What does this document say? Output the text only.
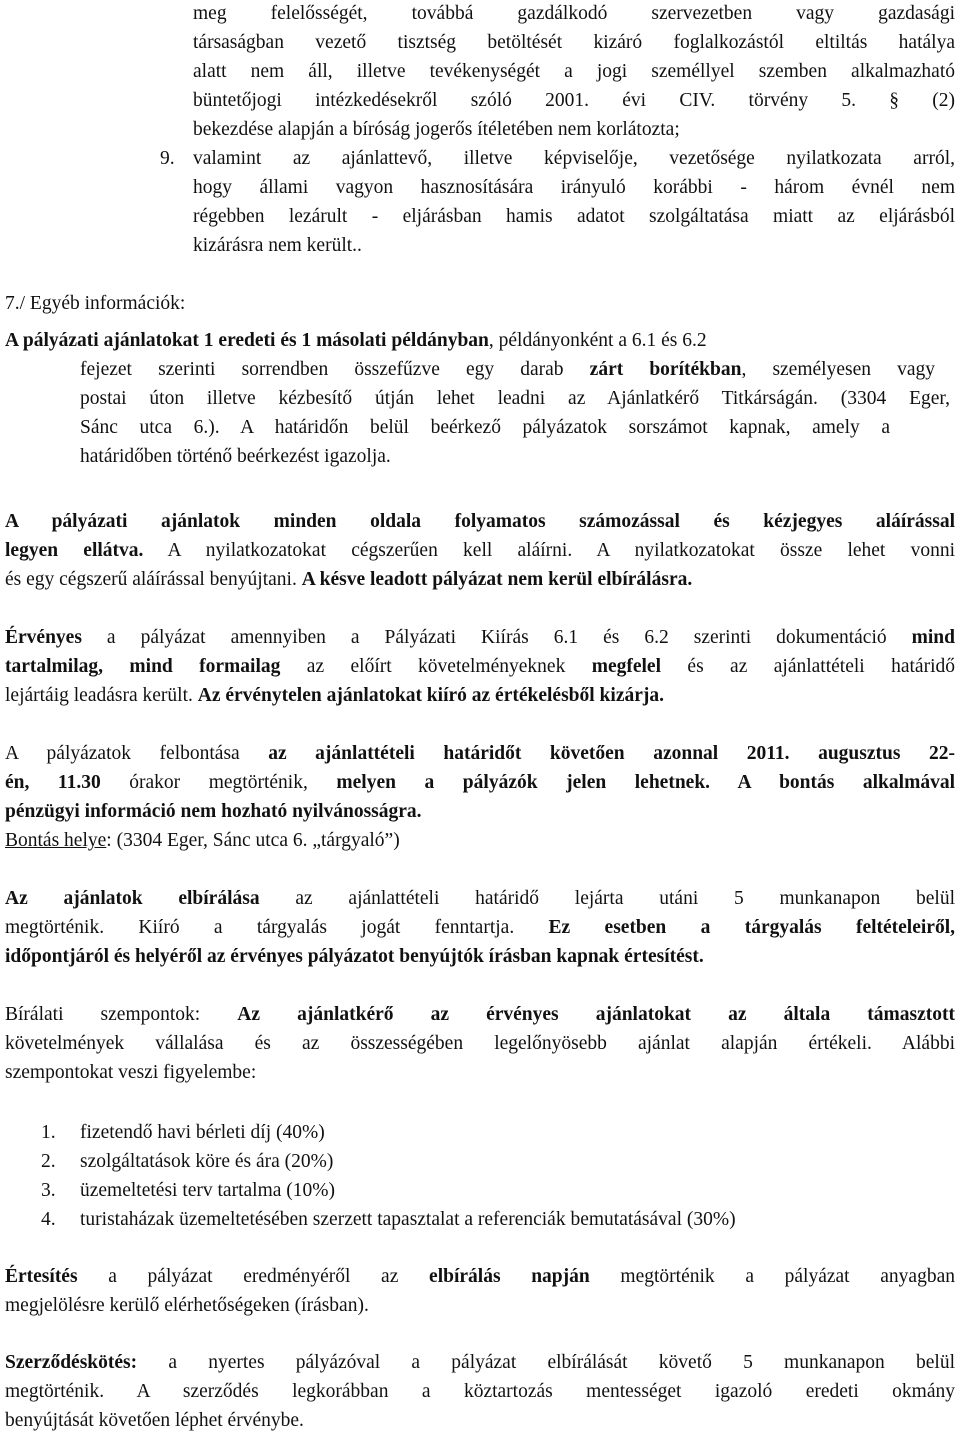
meg felelősségét, továbbá gazdálkodó szervezetben vagy gazdasági

társaságban vezető tisztség betöltését kizáró foglalkozástól eltiltás hatálya

alatt nem áll, illetve tevékenységét a jogi személlyel szemben alkalmazható

büntetőjogi intézkedésekről szóló 2001. évi CIV. törvény 5. § (2)

bekezdése alapján a bíróság jogerős ítéletében nem korlátozta;

9. valamint az ajánlattevő, illetve képviselője, vezetősége nyilatkozata arról,

hogy állami vagyon hasznosítására irányuló korábbi - három évnél nem

régebben lezárult - eljárásban hamis adatot szolgáltatása miatt az eljárásból

kizárásra nem került..

7./ Egyéb információk:

A pályázati ajánlatokat 1 eredeti és 1 másolati példányban, példányonként a 6.1 és 6.2

fejezet szerinti sorrendben összefűzve egy darab zárt borítékban, személyesen vagy

postai úton illetve kézbesítő útján lehet leadni az Ajánlatkérő Titkárságán. (3304 Eger,

Sánc utca 6.). A határidőn belül beérkező pályázatok sorszámot kapnak, amely a

határidőben történő beérkezést igazolja.

A pályázati ajánlatok minden oldala folyamatos számozással és kézjegyes aláírással

legyen ellátva. A nyilatkozatokat cégszerűen kell aláírni. A nyilatkozatokat össze lehet vonni

és egy cégszerű aláírással benyújtani. A késve leadott pályázat nem kerül elbírálásra.

Érvényes a pályázat amennyiben a Pályázati Kiírás 6.1 és 6.2 szerinti dokumentáció mind

tartalmilag, mind formailag az előírt követelményeknek megfelel és az ajánlattételi határidő

lejártáig leadásra került. Az érvénytelen ajánlatokat kiíró az értékelésből kizárja.

A pályázatok felbontása az ajánlattételi határidőt követően azonnal 2011. augusztus 22-

én, 11.30 órakor megtörténik, melyen a pályázók jelen lehetnek. A bontás alkalmával

pénzügyi információ nem hozható nyilvánosságra.

Bontás helye: (3304 Eger, Sánc utca 6. „tárgyaló”)

Az ajánlatok elbírálása az ajánlattételi határidő lejárta utáni 5 munkanapon belül

megtörténik. Kiíró a tárgyalás jogát fenntartja. Ez esetben a tárgyalás feltételeiről,

időpontjáról és helyéről az érvényes pályázatot benyújtók írásban kapnak értesítést.

Bírálati szempontok: Az ajánlatkérő az érvényes ajánlatokat az általa támasztott

követelmények vállalása és az összességében legelőnyösebb ajánlat alapján értékeli. Alábbi

szempontokat veszi figyelembe:

1. fizetendő havi bérleti díj (40%)
2. szolgáltatások köre és ára (20%)
3. üzemeltetési terv tartalma (10%)
4. turistaházak üzemeltetésében szerzett tapasztalat a referenciák bemutatásával (30%)

Értesítés a pályázat eredményéről az elbírálás napján megtörténik a pályázat anyagban

megjelölésre kerülő elérhetőségeken (írásban).

Szerződéskötés: a nyertes pályázóval a pályázat elbírálását követő 5 munkanapon belül

megtörténik. A szerződés legkorábban a köztartozás mentességet igazoló eredeti okmány

benyújtását követően léphet érvénybe.
